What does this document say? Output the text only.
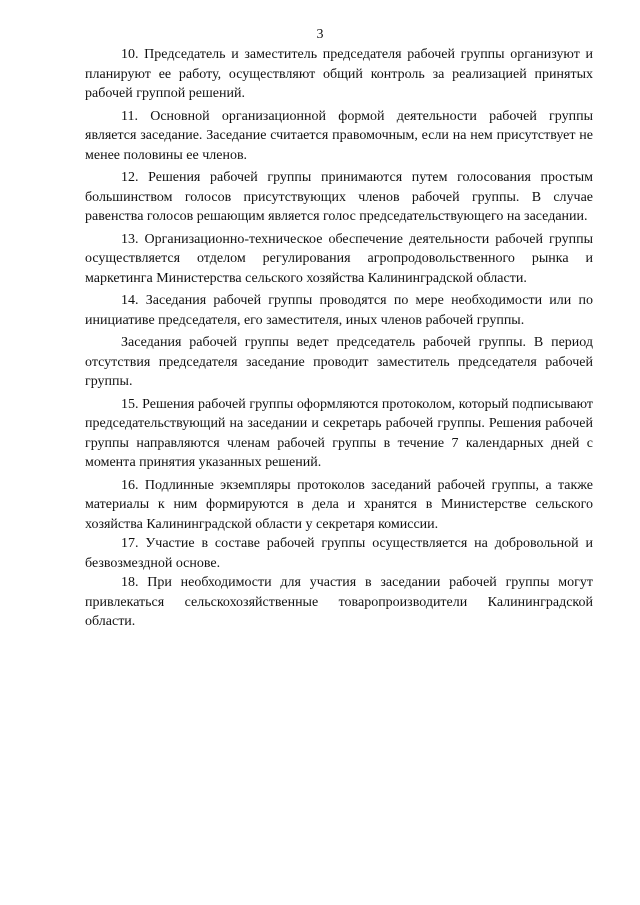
3

10. Председатель и заместитель председателя рабочей группы организуют и планируют ее работу, осуществляют общий контроль за реализацией принятых рабочей группой решений.

11. Основной организационной формой деятельности рабочей группы является заседание. Заседание считается правомочным, если на нем присутствует не менее половины ее членов.

12. Решения рабочей группы принимаются путем голосования простым большинством голосов присутствующих членов рабочей группы. В случае равенства голосов решающим является голос председательствующего на заседании.

13. Организационно-техническое обеспечение деятельности рабочей группы осуществляется отделом регулирования агропродовольственного рынка и маркетинга Министерства сельского хозяйства Калининградской области.

14. Заседания рабочей группы проводятся по мере необходимости или по инициативе председателя, его заместителя, иных членов рабочей группы.

Заседания рабочей группы ведет председатель рабочей группы. В период отсутствия председателя заседание проводит заместитель председателя рабочей группы.

15. Решения рабочей группы оформляются протоколом, который подписывают председательствующий на заседании и секретарь рабочей группы. Решения рабочей группы направляются членам рабочей группы в течение 7 календарных дней с момента принятия указанных решений.

16. Подлинные экземпляры протоколов заседаний рабочей группы, а также материалы к ним формируются в дела и хранятся в Министерстве сельского хозяйства Калининградской области у секретаря комиссии.

17. Участие в составе рабочей группы осуществляется на добровольной и безвозмездной основе.

18. При необходимости для участия в заседании рабочей группы могут привлекаться сельскохозяйственные товаропроизводители Калининградской области.
